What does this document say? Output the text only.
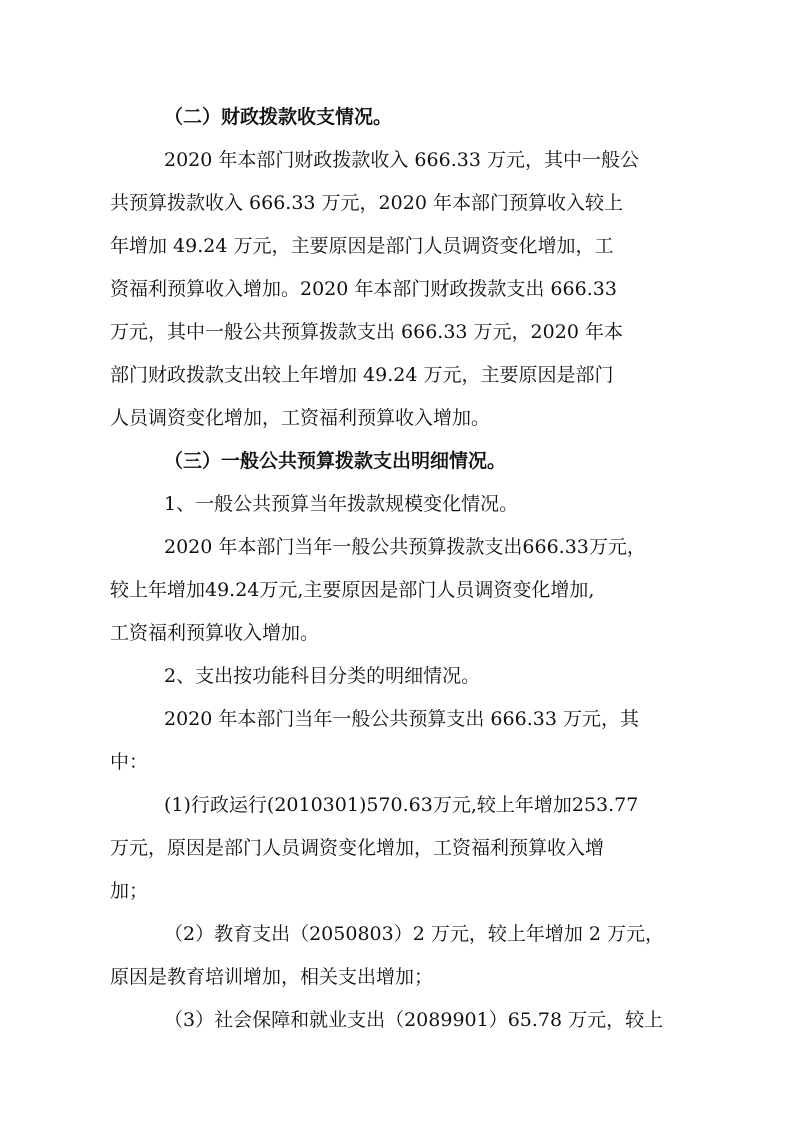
（二）财政拨款收支情况。
2020 年本部门财政拨款收入 666.33 万元，其中一般公
共预算拨款收入 666.33 万元，2020 年本部门预算收入较上
年增加 49.24 万元，主要原因是部门人员调资变化增加，工
资福利预算收入增加。2020 年本部门财政拨款支出 666.33
万元，其中一般公共预算拨款支出 666.33 万元，2020 年本
部门财政拨款支出较上年增加 49.24 万元，主要原因是部门
人员调资变化增加，工资福利预算收入增加。
（三）一般公共预算拨款支出明细情况。
1、一般公共预算当年拨款规模变化情况。
2020 年本部门当年一般公共预算拨款支出666.33万元，
较上年增加49.24万元,主要原因是部门人员调资变化增加,
工资福利预算收入增加。
2、支出按功能科目分类的明细情况。
2020 年本部门当年一般公共预算支出 666.33 万元，其
中：
(1)行政运行(2010301)570.63万元,较上年增加253.77
万元，原因是部门人员调资变化增加，工资福利预算收入增
加；
（2）教育支出（2050803）2 万元，较上年增加 2 万元，
原因是教育培训增加，相关支出增加；
（3）社会保障和就业支出（2089901）65.78 万元，较上
